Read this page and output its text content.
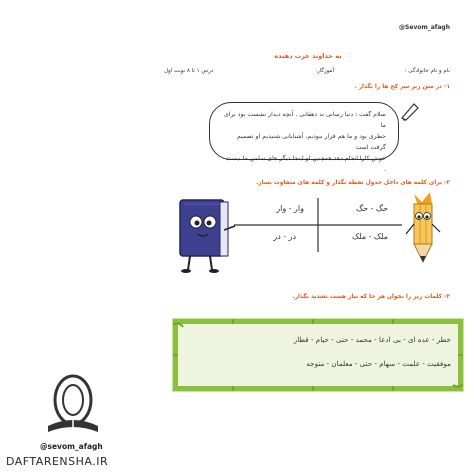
@Sevom_afagh
به خداوند عزت دهنده
نام و نام خانوادگی :
آموزگار:
درس ۱ تا ۸ نوبت اول
۱- در متن زیر سر کج ها را بگذار .
سلام گفت : دنیا رسانی ند دهقانی . آنچه دیدار نشست بود برای ما
خطری بود و ما هم قرار نبودیم. آشنایانی شنیدیم او تصمیم گرفت است
خوش کارا انجام دهد همچنین او اینجا دیگر های سلمن ما نیست .
۲- برای کلمه های داخل جدول نقطه بگذار و کلمه های متفاوت بساز.
حگ - حگ
وار - وار
ملک - ملک
در - در
۳- کلمات زیر را بخوان هر جا که نیاز هست تشدید بگذار.
خطر - عده ای - بی ادعا - محمد - حتی - خیام - قطار
موفقیت - علمت - سهام - حتی - معلمان - متوجه
@sevom_afagh
DAFTARENSHA.IR
